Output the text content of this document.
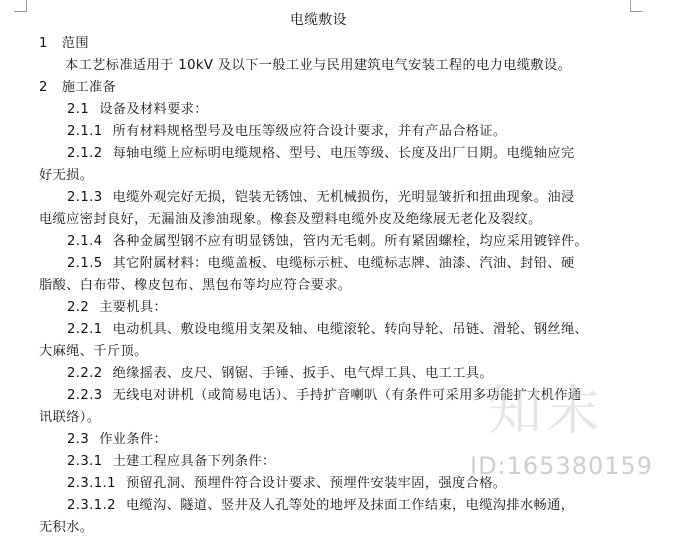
电缆敷设
1 范围
本工艺标准适用于 10kV 及以下一般工业与民用建筑电气安装工程的电力电缆敷设。
2 施工准备
2.1 设备及材料要求：
2.1.1 所有材料规格型号及电压等级应符合设计要求，并有产品合格证。
2.1.2 每轴电缆上应标明电缆规格、型号、电压等级、长度及出厂日期。电缆轴应完
好无损。
2.1.3 电缆外观完好无损，铠装无锈蚀、无机械损伤，光明显皱折和扭曲现象。油浸
电缆应密封良好，无漏油及渗油现象。橡套及塑料电缆外皮及绝缘展无老化及裂纹。
2.1.4 各种金属型钢不应有明显锈蚀，管内无毛刺。所有紧固螺栓，均应采用镀锌件。
2.1.5 其它附属材料：电缆盖板、电缆标示桩、电缆标志牌、油漆、汽油、封铅、硬
脂酸、白布带、橡皮包布、黑包布等均应符合要求。
2.2 主要机具：
2.2.1 电动机具、敷设电缆用支架及轴、电缆滚轮、转向导轮、吊链、滑轮、钢丝绳、
大麻绳、千斤顶。
2.2.2 绝缘摇表、皮尺、钢锯、手锤、扳手、电气焊工具、电工工具。
2.2.3 无线电对讲机（或简易电话）、手持扩音喇叭（有条件可采用多功能扩大机作通
讯联络）。
2.3 作业条件：
2.3.1 土建工程应具备下列条件：
2.3.1.1 预留孔洞、预埋件符合设计要求、预埋件安装牢固，强度合格。
2.3.1.2 电缆沟、隧道、竖井及人孔等处的地坪及抹面工作结束，电缆沟排水畅通，
无积水。
知末
ID:165380159
